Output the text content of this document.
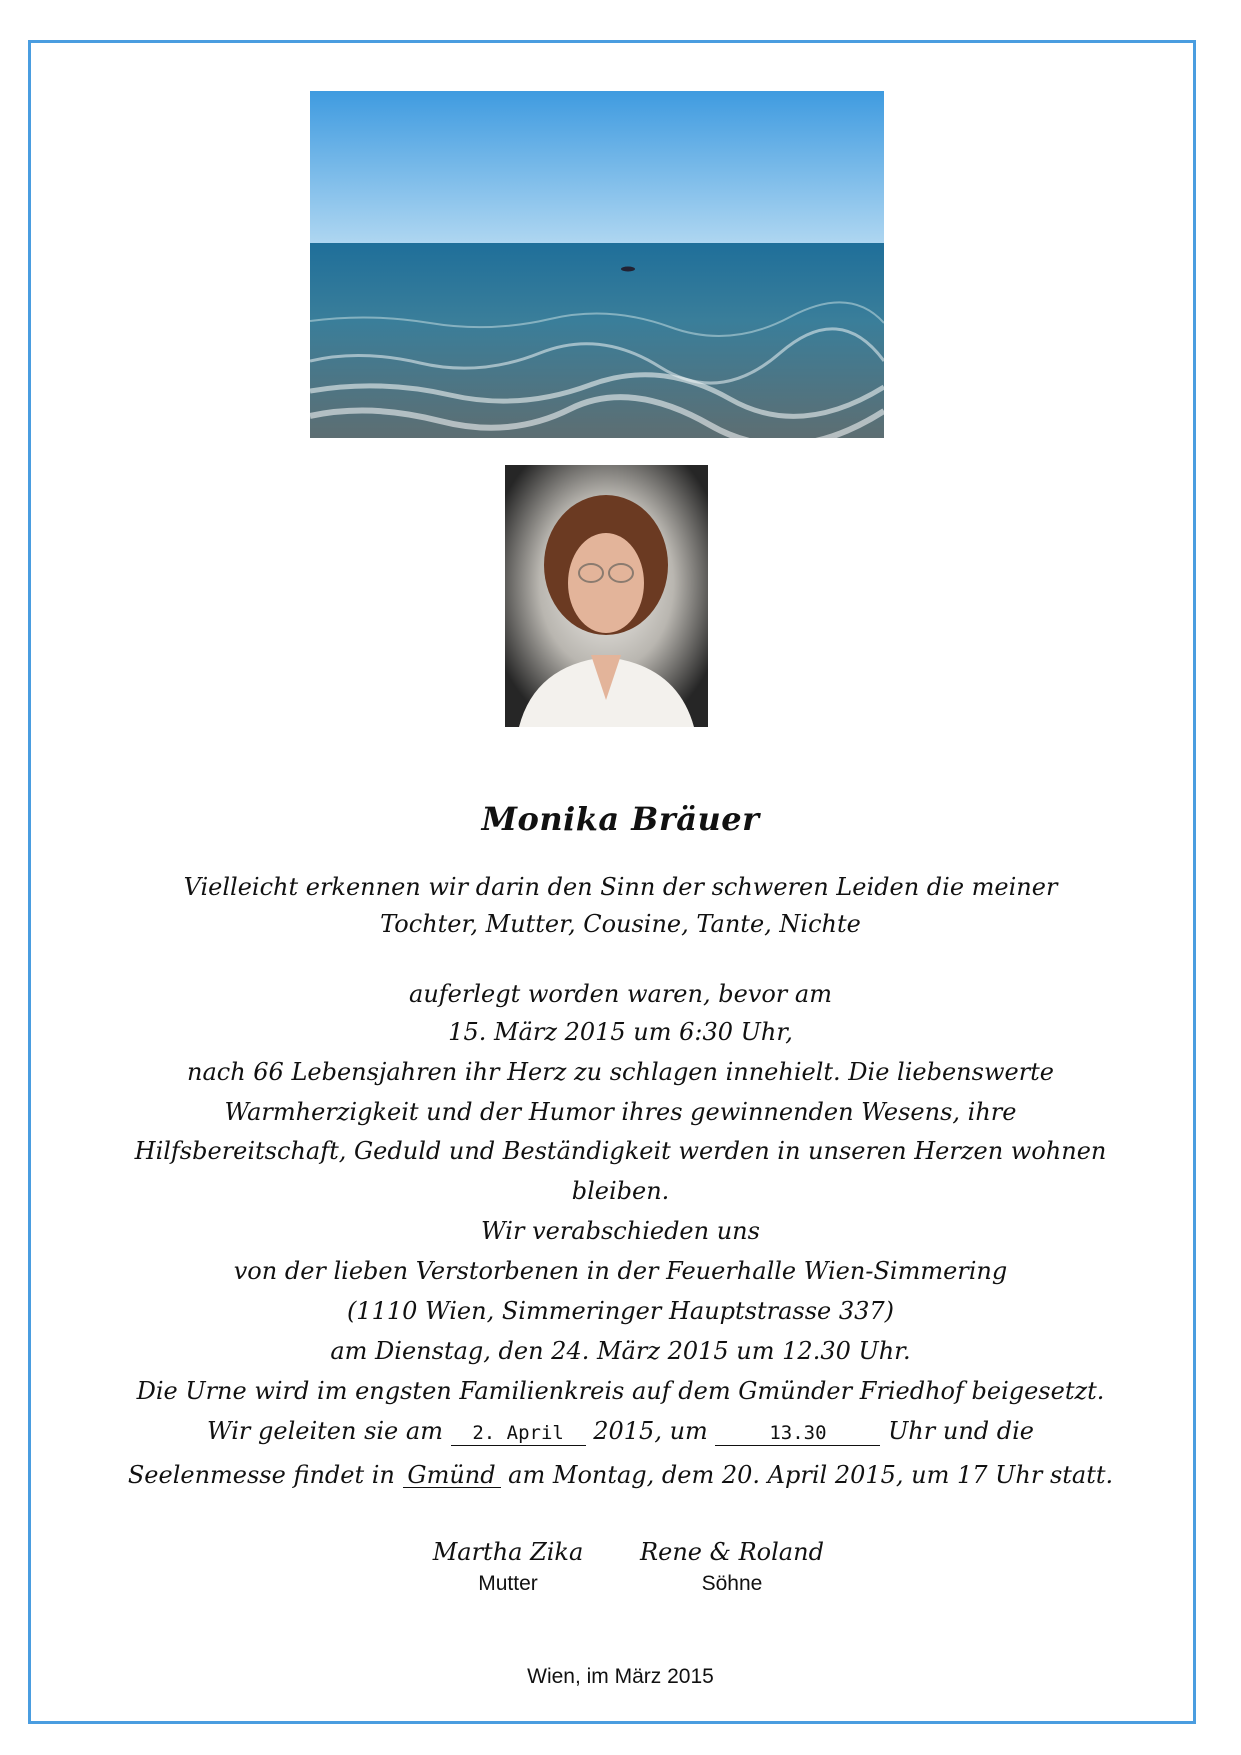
Monika Bräuer
Vielleicht erkennen wir darin den Sinn der schweren Leiden die meiner
Tochter, Mutter, Cousine, Tante, Nichte
auferlegt worden waren, bevor am
15. März 2015 um 6:30 Uhr,
nach 66 Lebensjahren ihr Herz zu schlagen innehielt. Die liebenswerte
Warmherzigkeit und der Humor ihres gewinnenden Wesens, ihre
Hilfsbereitschaft, Geduld und Beständigkeit werden in unseren Herzen wohnen
bleiben.
Wir verabschieden uns
von der lieben Verstorbenen in der Feuerhalle Wien-Simmering
(1110 Wien, Simmeringer Hauptstrasse 337)
am Dienstag, den 24. März 2015 um 12.30 Uhr.
Die Urne wird im engsten Familienkreis auf dem Gmünder Friedhof beigesetzt.
Wir geleiten sie am 2. April 2015, um	13.30	Uhr und die
Seelenmesse findet in Gmünd am Montag, dem 20. April 2015, um 17 Uhr statt.
Martha Zika
Mutter
Rene & Roland
Söhne
Wien, im März 2015
